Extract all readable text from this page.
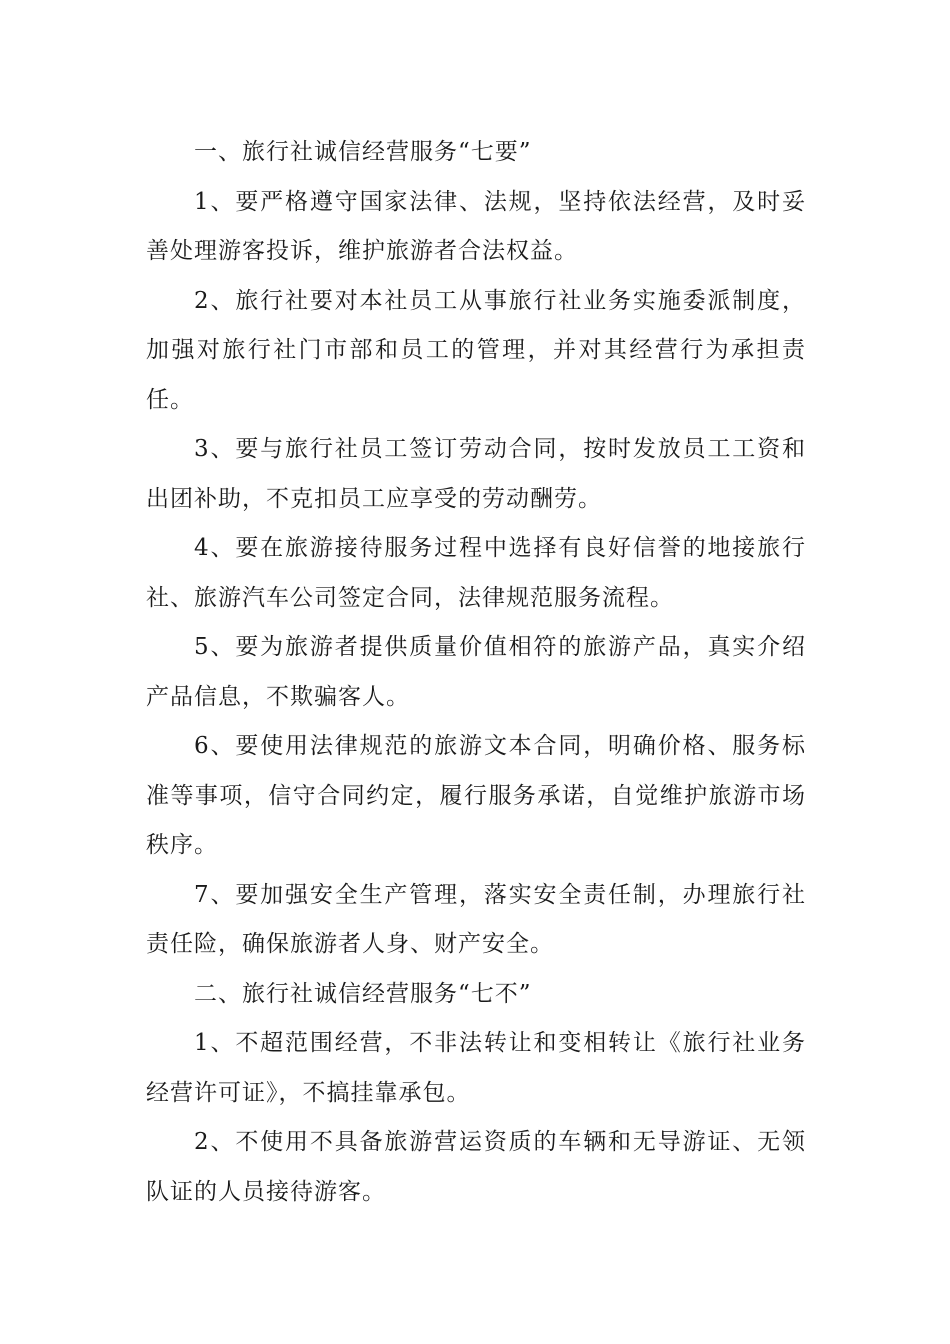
一、旅行社诚信经营服务“七要”

1、要严格遵守国家法律、法规，坚持依法经营，及时妥善处理游客投诉，维护旅游者合法权益。

2、旅行社要对本社员工从事旅行社业务实施委派制度，加强对旅行社门市部和员工的管理，并对其经营行为承担责任。

3、要与旅行社员工签订劳动合同，按时发放员工工资和出团补助，不克扣员工应享受的劳动酬劳。

4、要在旅游接待服务过程中选择有良好信誉的地接旅行社、旅游汽车公司签定合同，法律规范服务流程。

5、要为旅游者提供质量价值相符的旅游产品，真实介绍产品信息，不欺骗客人。

6、要使用法律规范的旅游文本合同，明确价格、服务标准等事项，信守合同约定，履行服务承诺，自觉维护旅游市场秩序。

7、要加强安全生产管理，落实安全责任制，办理旅行社责任险，确保旅游者人身、财产安全。

二、旅行社诚信经营服务“七不”

1、不超范围经营，不非法转让和变相转让《旅行社业务经营许可证》，不搞挂靠承包。

2、不使用不具备旅游营运资质的车辆和无导游证、无领队证的人员接待游客。
